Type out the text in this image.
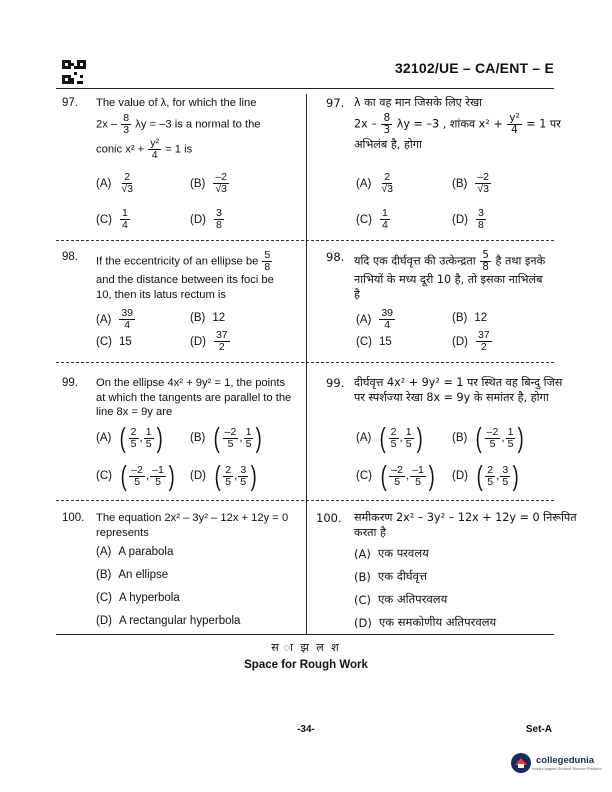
32102/UE – CA/ENT – E
97. The value of λ, for which the line
$2x - \frac{8}{3}$ λy = –3 is a normal to the
conic $x^2 + \frac{\text{y²}}{4} = 1$ is
$(A) \frac{2}{√3}$	$(B) \frac{-2}{√3}$
$(C) \frac{1}{4}$	$(D) \frac{3}{8}$
97. λ का वह मान जिसके लिए रेखा
$2x - \frac{8}{3}$ λy = –3 , शांकव $x^2 + \frac{\text{y²}}{4} = 1$ पर
अभिलंब है, होगा
$(A) \frac{2}{√3}$	$(B) \frac{-2}{√3}$
$(C) \frac{1}{4}$	$(D) \frac{3}{8}$
98. If the eccentricity of an ellipse be $\frac{5}{8}$
and the distance between its foci be
10, then its latus rectum is
$(A) \frac{39}{4}$	(B) 12
(C) 15	$(D) \frac{37}{2}$
98. यदि एक दीर्घवृत्त की उत्केन्द्रता $\frac{5}{8}$ है तथा इनके
नाभियों के मध्य दूरी 10 है, तो इसका नाभिलंब
है
$(A) \frac{39}{4}$	(B) 12
(C) 15	$(D) \frac{37}{2}$
99. On the ellipse 4x² + 9y² = 1, the points
at which the tangents are parallel to the
line 8x = 9y are
99. दीर्घवृत्त 4x² + 9y² = 1 पर स्थित वह बिन्दु जिस
पर स्पर्शज्या रेखा 8x = 9y के समांतर है, होगा
(A) ( $\frac{2}{5}$ , $\frac{1}{5}$ ) (B) ( $\frac{-2}{5}$ , $\frac{1}{5}$ )
(C) ( $\frac{-2}{5}$ , $\frac{-1}{5}$ ) (D) ( $\frac{2}{5}$ , $\frac{3}{5}$ )
(A) ( $\frac{2}{5}$ , $\frac{1}{5}$ )	(B) ( $\frac{-2}{5}$ , $\frac{1}{5}$ )
(C) ( $\frac{-2}{5}$ , $\frac{-1}{5}$ ) (D) ( $\frac{2}{5}$ , $\frac{3}{5}$ )
100. The equation 2x² – 3y² – 12x + 12y = 0
represents
(A) A parabola
(B) An ellipse
(C) A hyperbola
(D) A rectangular hyperbola
100. समीकरण 2x² – 3y² – 12x + 12y = 0 निरूपित
करता है
(A) एक परवलय
(B) एक दीर्घवृत्त
(C) एक अतिपरवलय
(D) एक समकोणीय अतिपरवलय
स ा झ ल श
Space for Rough Work
-34-	Set-A
collegedunia
India's largest Student Review Platform
